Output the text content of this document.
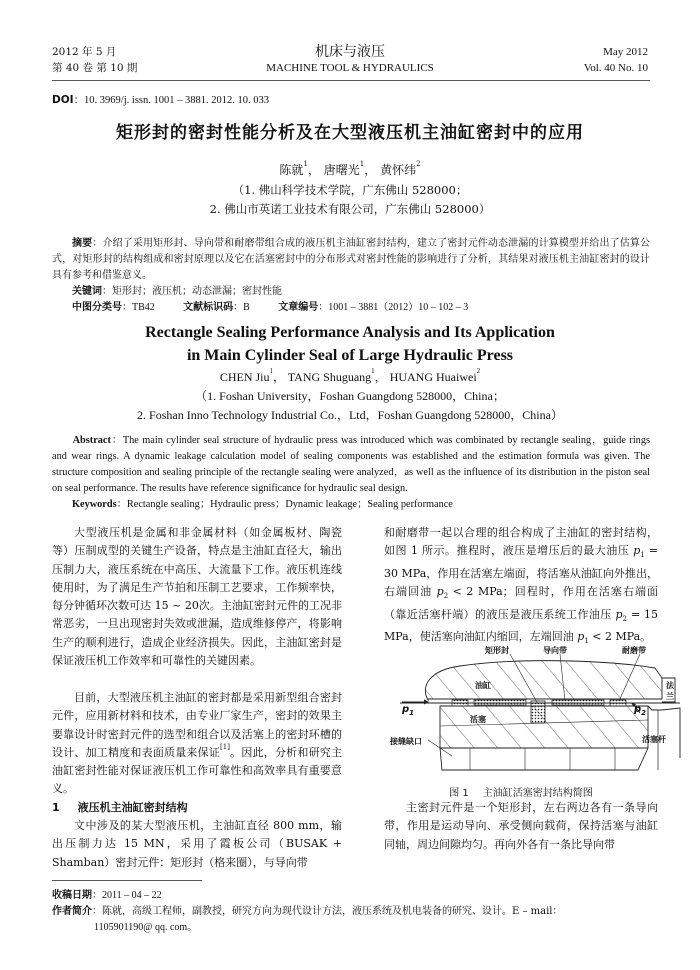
2012 年 5 月
第 40 卷 第 10 期
机床与液压
MACHINE TOOL & HYDRAULICS
May 2012
Vol. 40 No. 10
DOI：10. 3969/j. issn. 1001 – 3881. 2012. 10. 033
矩形封的密封性能分析及在大型液压机主油缸密封中的应用
陈就$^1$， 唐曙光$^1$， 黄怀纬$^2$
（1. 佛山科学技术学院，广东佛山 528000；
2. 佛山市英诺工业技术有限公司，广东佛山 528000）
摘要：介绍了采用矩形封、导向带和耐磨带组合成的液压机主油缸密封结构，建立了密封元件动态泄漏的计算模型并给出了估算公式，对矩形封的结构组成和密封原理以及它在活塞密封中的分布形式对密封性能的影响进行了分析，其结果对液压机主油缸密封的设计具有参考和借鉴意义。
关键词：矩形封；液压机；动态泄漏；密封性能
中图分类号：TB42	文献标识码：B	文章编号：1001 – 3881（2012）10 – 102 – 3
Rectangle Sealing Performance Analysis and Its Application
in Main Cylinder Seal of Large Hydraulic Press
CHEN Jiu$^1$， TANG Shuguang$^1$， HUANG Huaiwei$^2$
（1. Foshan University，Foshan Guangdong 528000，China；
2. Foshan Inno Technology Industrial Co.，Ltd，Foshan Guangdong 528000，China）
Abstract：The main cylinder seal structure of hydraulic press was introduced which was combinated by rectangle sealing，guide rings and wear rings. A dynamic leakage calculation model of sealing components was established and the estimation formula was given. The structure composition and sealing principle of the rectangle sealing were analyzed，as well as the influence of its distribution in the piston seal on seal performance. The results have reference significance for hydraulic seal design.
Keywords：Rectangle sealing；Hydraulic press；Dynamic leakage；Sealing performance
大型液压机是金属和非金属材料（如金属板材、陶瓷等）压制成型的关键生产设备，特点是主油缸直径大，输出压制力大，液压系统在中高压、大流量下工作。液压机连线使用时，为了满足生产节拍和压制工艺要求，工作频率快，每分钟循环次数可达 15 ~ 20次。主油缸密封元件的工况非常恶劣，一旦出现密封失效或泄漏，造成维修停产，将影响生产的顺利进行，造成企业经济损失。因此，主油缸密封是保证液压机工作效率和可靠性的关键因素。
目前，大型液压机主油缸的密封都是采用新型组合密封元件，应用新材料和技术，由专业厂家生产，密封的效果主要靠设计时密封元件的选型和组合以及活塞上的密封环槽的设计、加工精度和表面质量来保证[1]。因此，分析和研究主油缸密封性能对保证液压机工作可靠性和高效率具有重要意义。
1 液压机主油缸密封结构
文中涉及的某大型液压机，主油缸直径 800 mm，输出压制力达 15 MN，采用了霞板公司（BUSAK + Shamban）密封元件：矩形封（格来圈），与导向带
和耐磨带一起以合理的组合构成了主油缸的密封结构，如图 1 所示。推程时，液压是增压后的最大油压 $p_1 = 30$ MPa，作用在活塞左端面，将活塞从油缸向外推出，右端回油 $p_2 < 2$ MPa；回程时，作用在活塞右端面（靠近活塞杆端）的液压是液压系统工作油压 $p_2 = 15$ MPa，使活塞向油缸内缩回，左端回油 $p_1 < 2$ MPa。
矩形封	导向带	耐磨带
油缸	法兰
活塞
接缝缺口	活塞杆
$p_1$	$p_2$
图 1 主油缸活塞密封结构简图
主密封元件是一个矩形封，左右两边各有一条导向带，作用是运动导向、承受侧向载荷，保持活塞与油缸同轴，周边间隙均匀。再向外各有一条比导向带
收稿日期：2011 – 04 – 22
作者简介：陈就，高级工程师，副教授，研究方向为现代设计方法，液压系统及机电装备的研究、设计。E – mail：
1105901190@ qq. com。
